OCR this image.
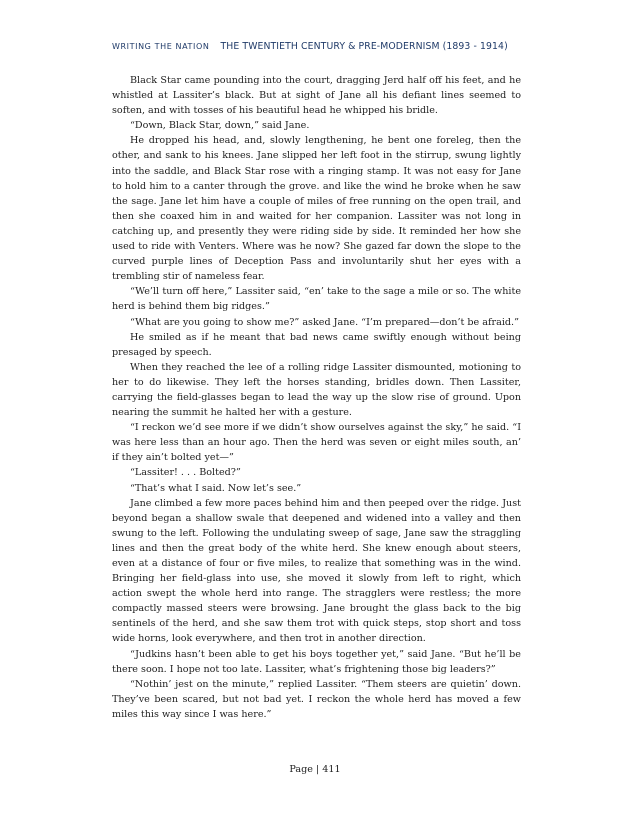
WRITING THE NATION THE TWENTIETH CENTURY & PRE-MODERNISM (1893 - 1914)

Black Star came pounding into the court, dragging Jerd half off his feet, and he whistled at Lassiter’s black. But at sight of Jane all his defiant lines seemed to soften, and with tosses of his beautiful head he whipped his bridle.

“Down, Black Star, down,” said Jane.

He dropped his head, and, slowly lengthening, he bent one foreleg, then the other, and sank to his knees. Jane slipped her left foot in the stirrup, swung lightly into the saddle, and Black Star rose with a ringing stamp. It was not easy for Jane to hold him to a canter through the grove. and like the wind he broke when he saw the sage. Jane let him have a couple of miles of free running on the open trail, and then she coaxed him in and waited for her companion. Lassiter was not long in catching up, and presently they were riding side by side. It reminded her how she used to ride with Venters. Where was he now? She gazed far down the slope to the curved purple lines of Deception Pass and involuntarily shut her eyes with a trembling stir of nameless fear.

“We’ll turn off here,” Lassiter said, “en’ take to the sage a mile or so. The white herd is behind them big ridges.”

“What are you going to show me?” asked Jane. “I’m prepared—don’t be afraid.”

He smiled as if he meant that bad news came swiftly enough without being presaged by speech.

When they reached the lee of a rolling ridge Lassiter dismounted, motioning to her to do likewise. They left the horses standing, bridles down. Then Lassiter, carrying the field-glasses began to lead the way up the slow rise of ground. Upon nearing the summit he halted her with a gesture.

“I reckon we’d see more if we didn’t show ourselves against the sky,” he said. “I was here less than an hour ago. Then the herd was seven or eight miles south, an’ if they ain’t bolted yet—”

“Lassiter! . . . Bolted?”

“That’s what I said. Now let’s see.”

Jane climbed a few more paces behind him and then peeped over the ridge. Just beyond began a shallow swale that deepened and widened into a valley and then swung to the left. Following the undulating sweep of sage, Jane saw the straggling lines and then the great body of the white herd. She knew enough about steers, even at a distance of four or five miles, to realize that something was in the wind. Bringing her field-glass into use, she moved it slowly from left to right, which action swept the whole herd into range. The stragglers were restless; the more compactly massed steers were browsing. Jane brought the glass back to the big sentinels of the herd, and she saw them trot with quick steps, stop short and toss wide horns, look everywhere, and then trot in another direction.

“Judkins hasn’t been able to get his boys together yet,” said Jane. “But he’ll be there soon. I hope not too late. Lassiter, what’s frightening those big leaders?”

“Nothin’ jest on the minute,” replied Lassiter. “Them steers are quietin’ down. They’ve been scared, but not bad yet. I reckon the whole herd has moved a few miles this way since I was here.”

Page | 411
